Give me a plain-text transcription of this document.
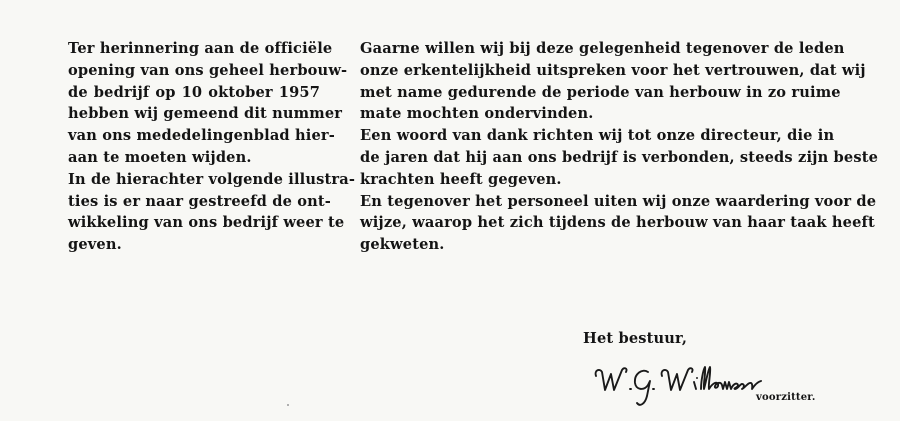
Ter herinnering aan de officiële
opening van ons geheel herbouw-
de bedrijf op 10 oktober 1957
hebben wij gemeend dit nummer
van ons mededelingenblad hier-
aan te moeten wijden.
In de hierachter volgende illustra-
ties is er naar gestreefd de ont-
wikkeling van ons bedrijf weer te
geven.
Gaarne willen wij bij deze gelegenheid tegenover de leden
onze erkentelijkheid uitspreken voor het vertrouwen, dat wij
met name gedurende de periode van herbouw in zo ruime
mate mochten ondervinden.
Een woord van dank richten wij tot onze directeur, die in
de jaren dat hij aan ons bedrijf is verbonden, steeds zijn beste
krachten heeft gegeven.
En tegenover het personeel uiten wij onze waardering voor de
wijze, waarop het zich tijdens de herbouw van haar taak heeft
gekweten.
Het bestuur,
voorzitter.
